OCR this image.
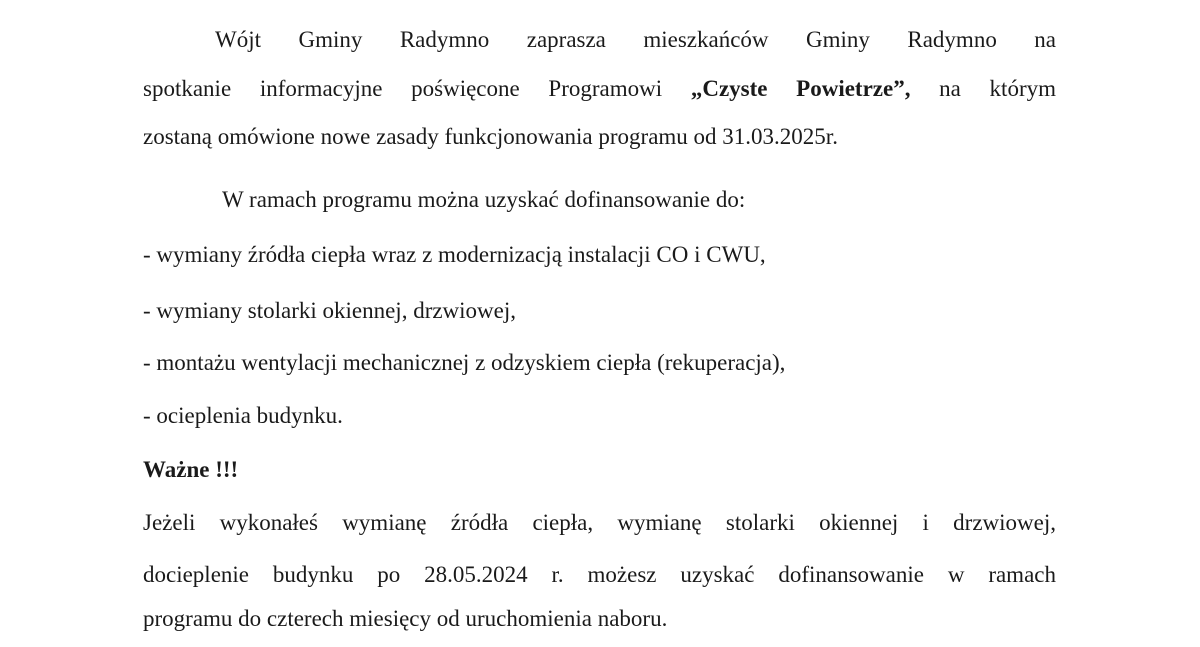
Wójt Gminy Radymno zaprasza mieszkańców Gminy Radymno na
spotkanie informacyjne poświęcone Programowi „Czyste Powietrze”, na którym
zostaną omówione nowe zasady funkcjonowania programu od 31.03.2025r.
W ramach programu można uzyskać dofinansowanie do:
- wymiany źródła ciepła wraz z modernizacją instalacji CO i CWU,
- wymiany stolarki okiennej, drzwiowej,
- montażu wentylacji mechanicznej z odzyskiem ciepła (rekuperacja),
- ocieplenia budynku.
Ważne !!!
Jeżeli wykonałeś wymianę źródła ciepła, wymianę stolarki okiennej i drzwiowej,
docieplenie budynku po 28.05.2024 r. możesz uzyskać dofinansowanie w ramach
programu do czterech miesięcy od uruchomienia naboru.
